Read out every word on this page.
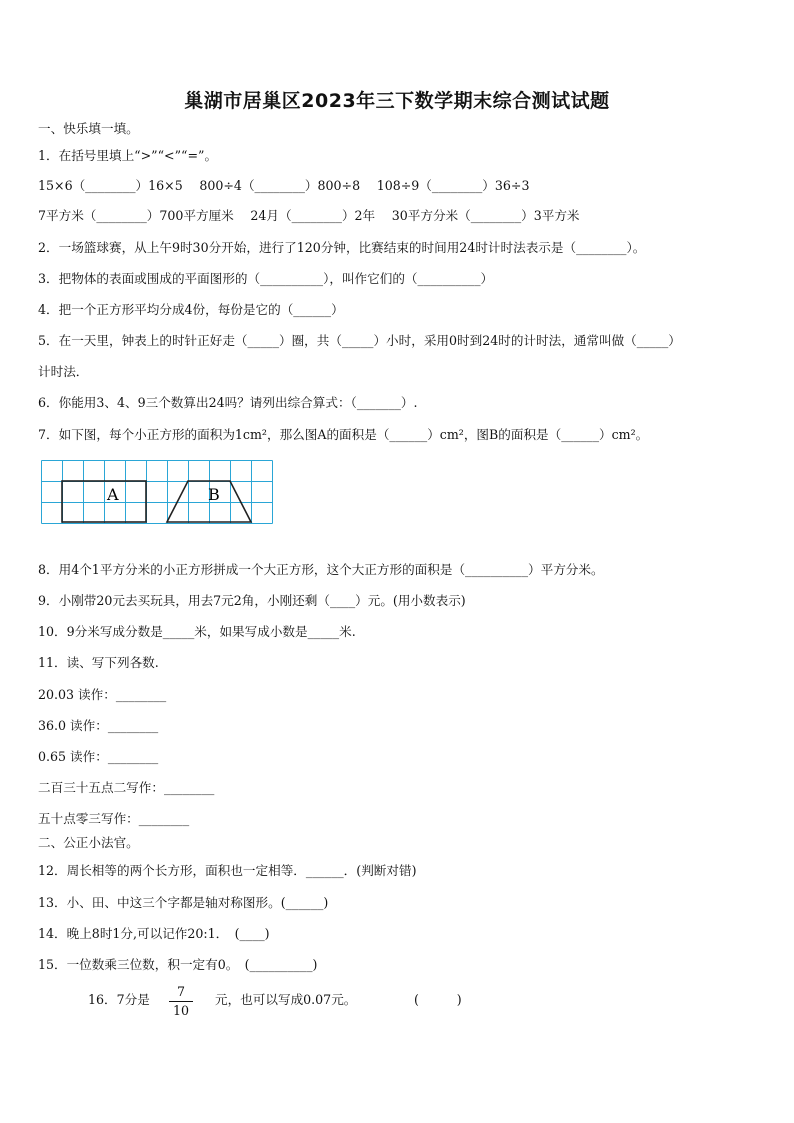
巢湖市居巢区2023年三下数学期末综合测试试题
一、快乐填一填。
1．在括号里填上“>”“<”“=”。
15×6（________）16×5　 800÷4（________）800÷8　 108÷9（________）36÷3
7平方米（________）700平方厘米　 24月（________）2年　 30平方分米（________）3平方米
2．一场篮球赛，从上午9时30分开始，进行了120分钟，比赛结束的时间用24时计时法表示是（________）。
3．把物体的表面或围成的平面图形的（__________），叫作它们的（__________）
4．把一个正方形平均分成4份，每份是它的（______）
5．在一天里，钟表上的时针正好走（_____）圈，共（_____）小时，采用0时到24时的计时法，通常叫做（_____）
计时法．
6．你能用3、4、9三个数算出24吗？请列出综合算式：（_______）.
7．如下图，每个小正方形的面积为1cm²，那么图A的面积是（______）cm²，图B的面积是（______）cm²。
A	B
8．用4个1平方分米的小正方形拼成一个大正方形，这个大正方形的面积是（__________）平方分米。
9．小刚带20元去买玩具，用去7元2角，小刚还剩（____）元。(用小数表示)
10．9分米写成分数是_____米，如果写成小数是_____米.
11．读、写下列各数.
20.03 读作：________
36.0 读作：________
0.65 读作：________
二百三十五点二写作：________
五十点零三写作：________
二、公正小法官。
12．周长相等的两个长方形，面积也一定相等．______．(判断对错)
13．小、田、中这三个字都是轴对称图形。(______)
14．晚上8时1分,可以记作20:1．　(____)
15．一位数乘三位数，积一定有0。　(__________)
16．7分是
7
10
元，也可以写成0.07元。	(　　　)
